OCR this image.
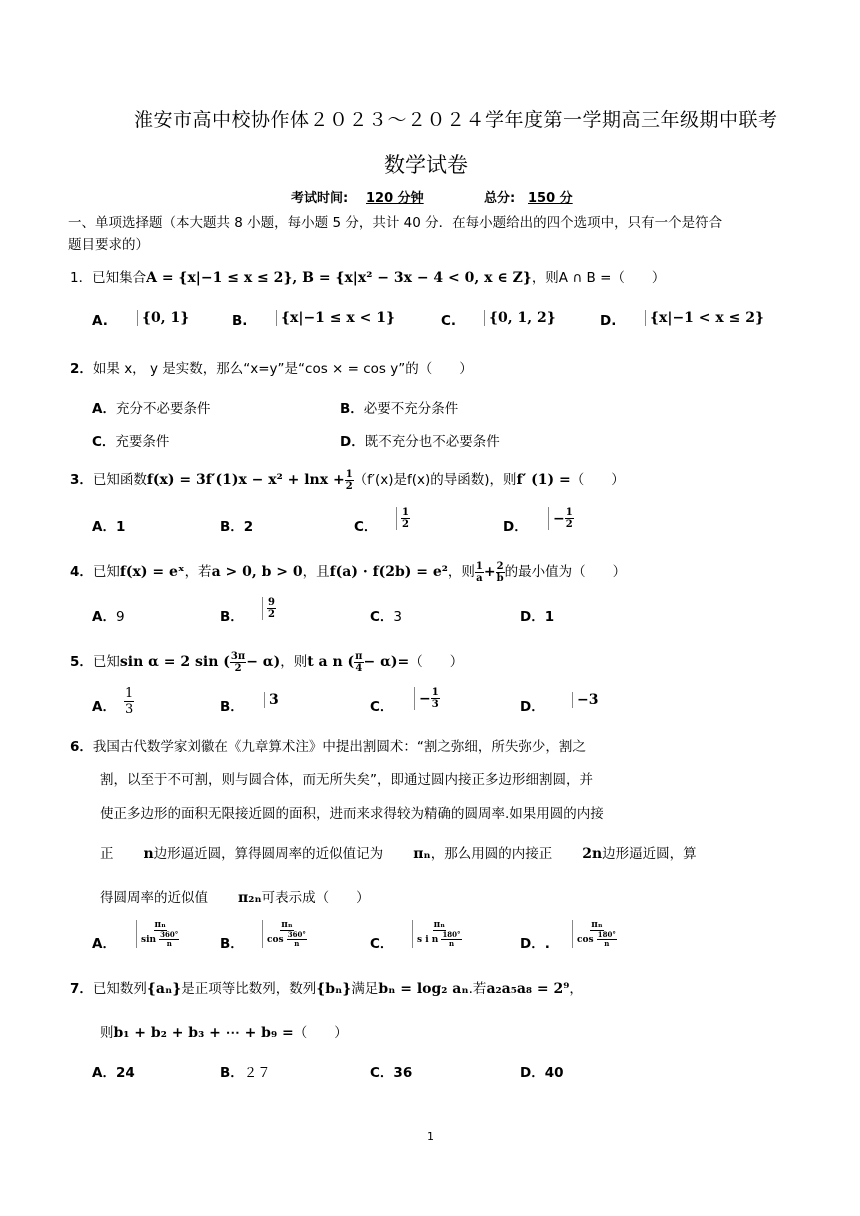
淮安市高中校协作体２０２３～２０２４学年度第一学期高三年级期中联考
数学试卷
考试时间: 120 分钟	总分: 150 分
一、单项选择题（本大题共 8 小题，每小题 5 分，共计 40 分．在每小题给出的四个选项中，只有一个是符合
题目要求的）
1．已知集合A = {x|−1 ≤ x ≤ 2}, B = {x|x² − 3x − 4 < 0, x ∈ Z}，则A ∩ B =（　　）
A.	{0, 1}	B.	{x|−1 ≤ x < 1}	C.	{0, 1, 2}	D.	{x|−1 < x ≤ 2}
2．如果 x， y 是实数，那么“x=y”是“cos × = cos y”的（　　）
A．充分不必要条件	B．必要不充分条件
C．充要条件	D．既不充分也不必要条件
3．已知函数$f(x) = 3f'(1)x - x^2 + \ln x + \frac{1}{2} (f'(x)$是f(x)的导函数)，则f′ (1) =（　　）
A．1	B．2	C． $\frac{1}{2}$	D．	− $\frac{1}{2}$
4．已知f(x) = eˣ，若a > 0, b > 0，且f(a) · f(2b) = e²，则 $\frac{1}{a} + \frac{2}{b}$ 的最小值为（　　）
A．9	B． $\frac{9}{2}$	C．3	D．1
5．已知sin α = 2 sin ( $\frac{3\pi}{2} - \alpha$)，则t a n ( $\frac{\pi}{4} - \alpha)=$（　　）
A． $\frac{1}{3}$	B．	3	C．	− $\frac{1}{3}$	D．	−3
6．我国古代数学家刘徽在《九章算术注》中提出割圆术：“割之弥细，所失弥少，割之
割，以至于不可割，则与圆合体，而无所失矣”，即通过圆内接正多边形细割圆，并
使正多边形的面积无限接近圆的面积，进而来求得较为精确的圆周率.如果用圆的内接
正 n边形逼近圆，算得圆周率的近似值记为 πₙ，那么用圆的内接正 2n边形逼近圆，算
得圆周率的近似值 π₂ₙ可表示成（　　）
A．	$\frac{\text{πₙ}}{\sin \frac{360^\circ}{n}}$	B．	$\frac{\text{πₙ}}{\cos \frac{360^\circ}{n}}$	C．	$\frac{\text{πₙ}}{s i n \frac{180^\circ}{n}}$	D．.	$\frac{\text{πₙ}}{\cos \frac{180^\circ}{n}}$
7．已知数列{aₙ}是正项等比数列，数列{bₙ}满足bₙ = log₂ aₙ.若a₂a₅a₈ = 2⁹，
则b₁ + b₂ + b₃ + ⋯ + b₉ =（　　）
A．24	B．２７	C．36	D．40
1
